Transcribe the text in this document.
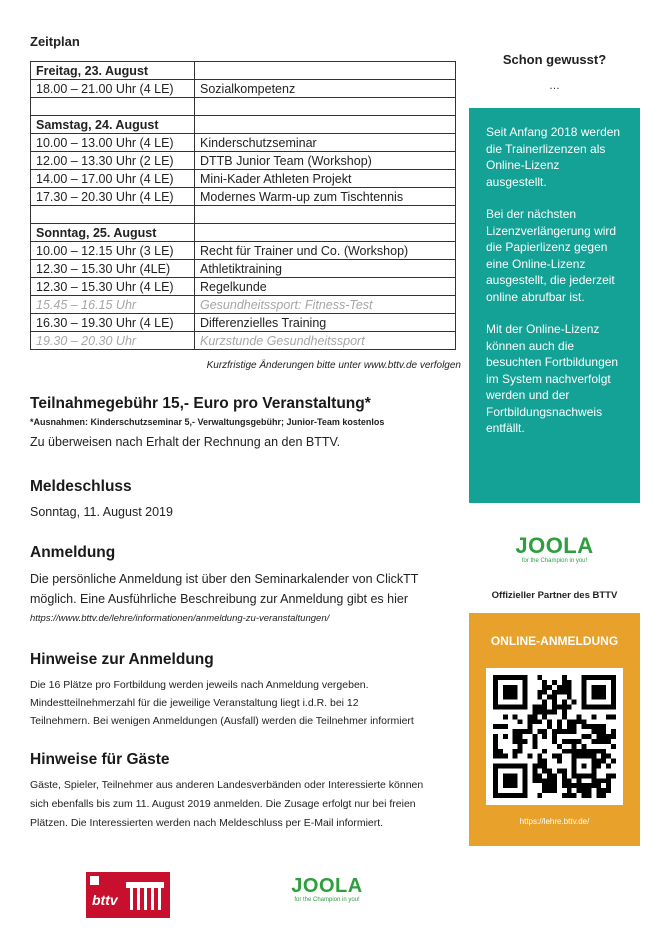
Zeitplan
Freitag, 23. August	
18.00 – 21.00 Uhr (4 LE)	Sozialkompetenz

Samstag, 24. August	
10.00 – 13.00 Uhr (4 LE)	Kinderschutzseminar
12.00 – 13.30 Uhr (2 LE)	DTTB Junior Team (Workshop)
14.00 – 17.00 Uhr (4 LE)	Mini-Kader Athleten Projekt
17.30 – 20.30 Uhr (4 LE)	Modernes Warm-up zum Tischtennis

Sonntag, 25. August	
10.00 – 12.15 Uhr (3 LE)	Recht für Trainer und Co. (Workshop)
12.30 – 15.30 Uhr (4LE)	Athletiktraining
12.30 – 15.30 Uhr (4 LE)	Regelkunde
15.45 – 16.15 Uhr	Gesundheitssport: Fitness-Test
16.30 – 19.30 Uhr (4 LE)	Differenzielles Training
19.30 – 20.30 Uhr	Kurzstunde Gesundheitssport
Kurzfristige Änderungen bitte unter www.bttv.de verfolgen
Teilnahmegebühr 15,- Euro pro Veranstaltung*
*Ausnahmen: Kinderschutzseminar 5,- Verwaltungsgebühr; Junior-Team kostenlos
Zu überweisen nach Erhalt der Rechnung an den BTTV.
Meldeschluss
Sonntag, 11. August 2019
Anmeldung
Die persönliche Anmeldung ist über den Seminarkalender von ClickTT
möglich. Eine Ausführliche Beschreibung zur Anmeldung gibt es hier
https://www.bttv.de/lehre/informationen/anmeldung-zu-veranstaltungen/
Hinweise zur Anmeldung
Die 16 Plätze pro Fortbildung werden jeweils nach Anmeldung vergeben.
Mindestteilnehmerzahl für die jeweilige Veranstaltung liegt i.d.R. bei 12
Teilnehmern. Bei wenigen Anmeldungen (Ausfall) werden die Teilnehmer informiert
Hinweise für Gäste
Gäste, Spieler, Teilnehmer aus anderen Landesverbänden oder Interessierte können
sich ebenfalls bis zum 11. August 2019 anmelden. Die Zusage erfolgt nur bei freien
Plätzen. Die Interessierten werden nach Meldeschluss per E-Mail informiert.
Schon gewusst?
…

Seit Anfang 2018 werden die Trainerlizenzen als Online-Lizenz ausgestellt.

Bei der nächsten Lizenzverlängerung wird die Papierlizenz gegen eine Online-Lizenz ausgestellt, die jederzeit online abrufbar ist.

Mit der Online-Lizenz können auch die besuchten Fortbildungen im System nachverfolgt werden und der Fortbildungsnachweis entfällt.

JOOLA
for the Champion in you!
Offizieller Partner des BTTV
ONLINE-ANMELDUNG
https://lehre.bttv.de/
bttv
JOOLA
for the Champion in you!
